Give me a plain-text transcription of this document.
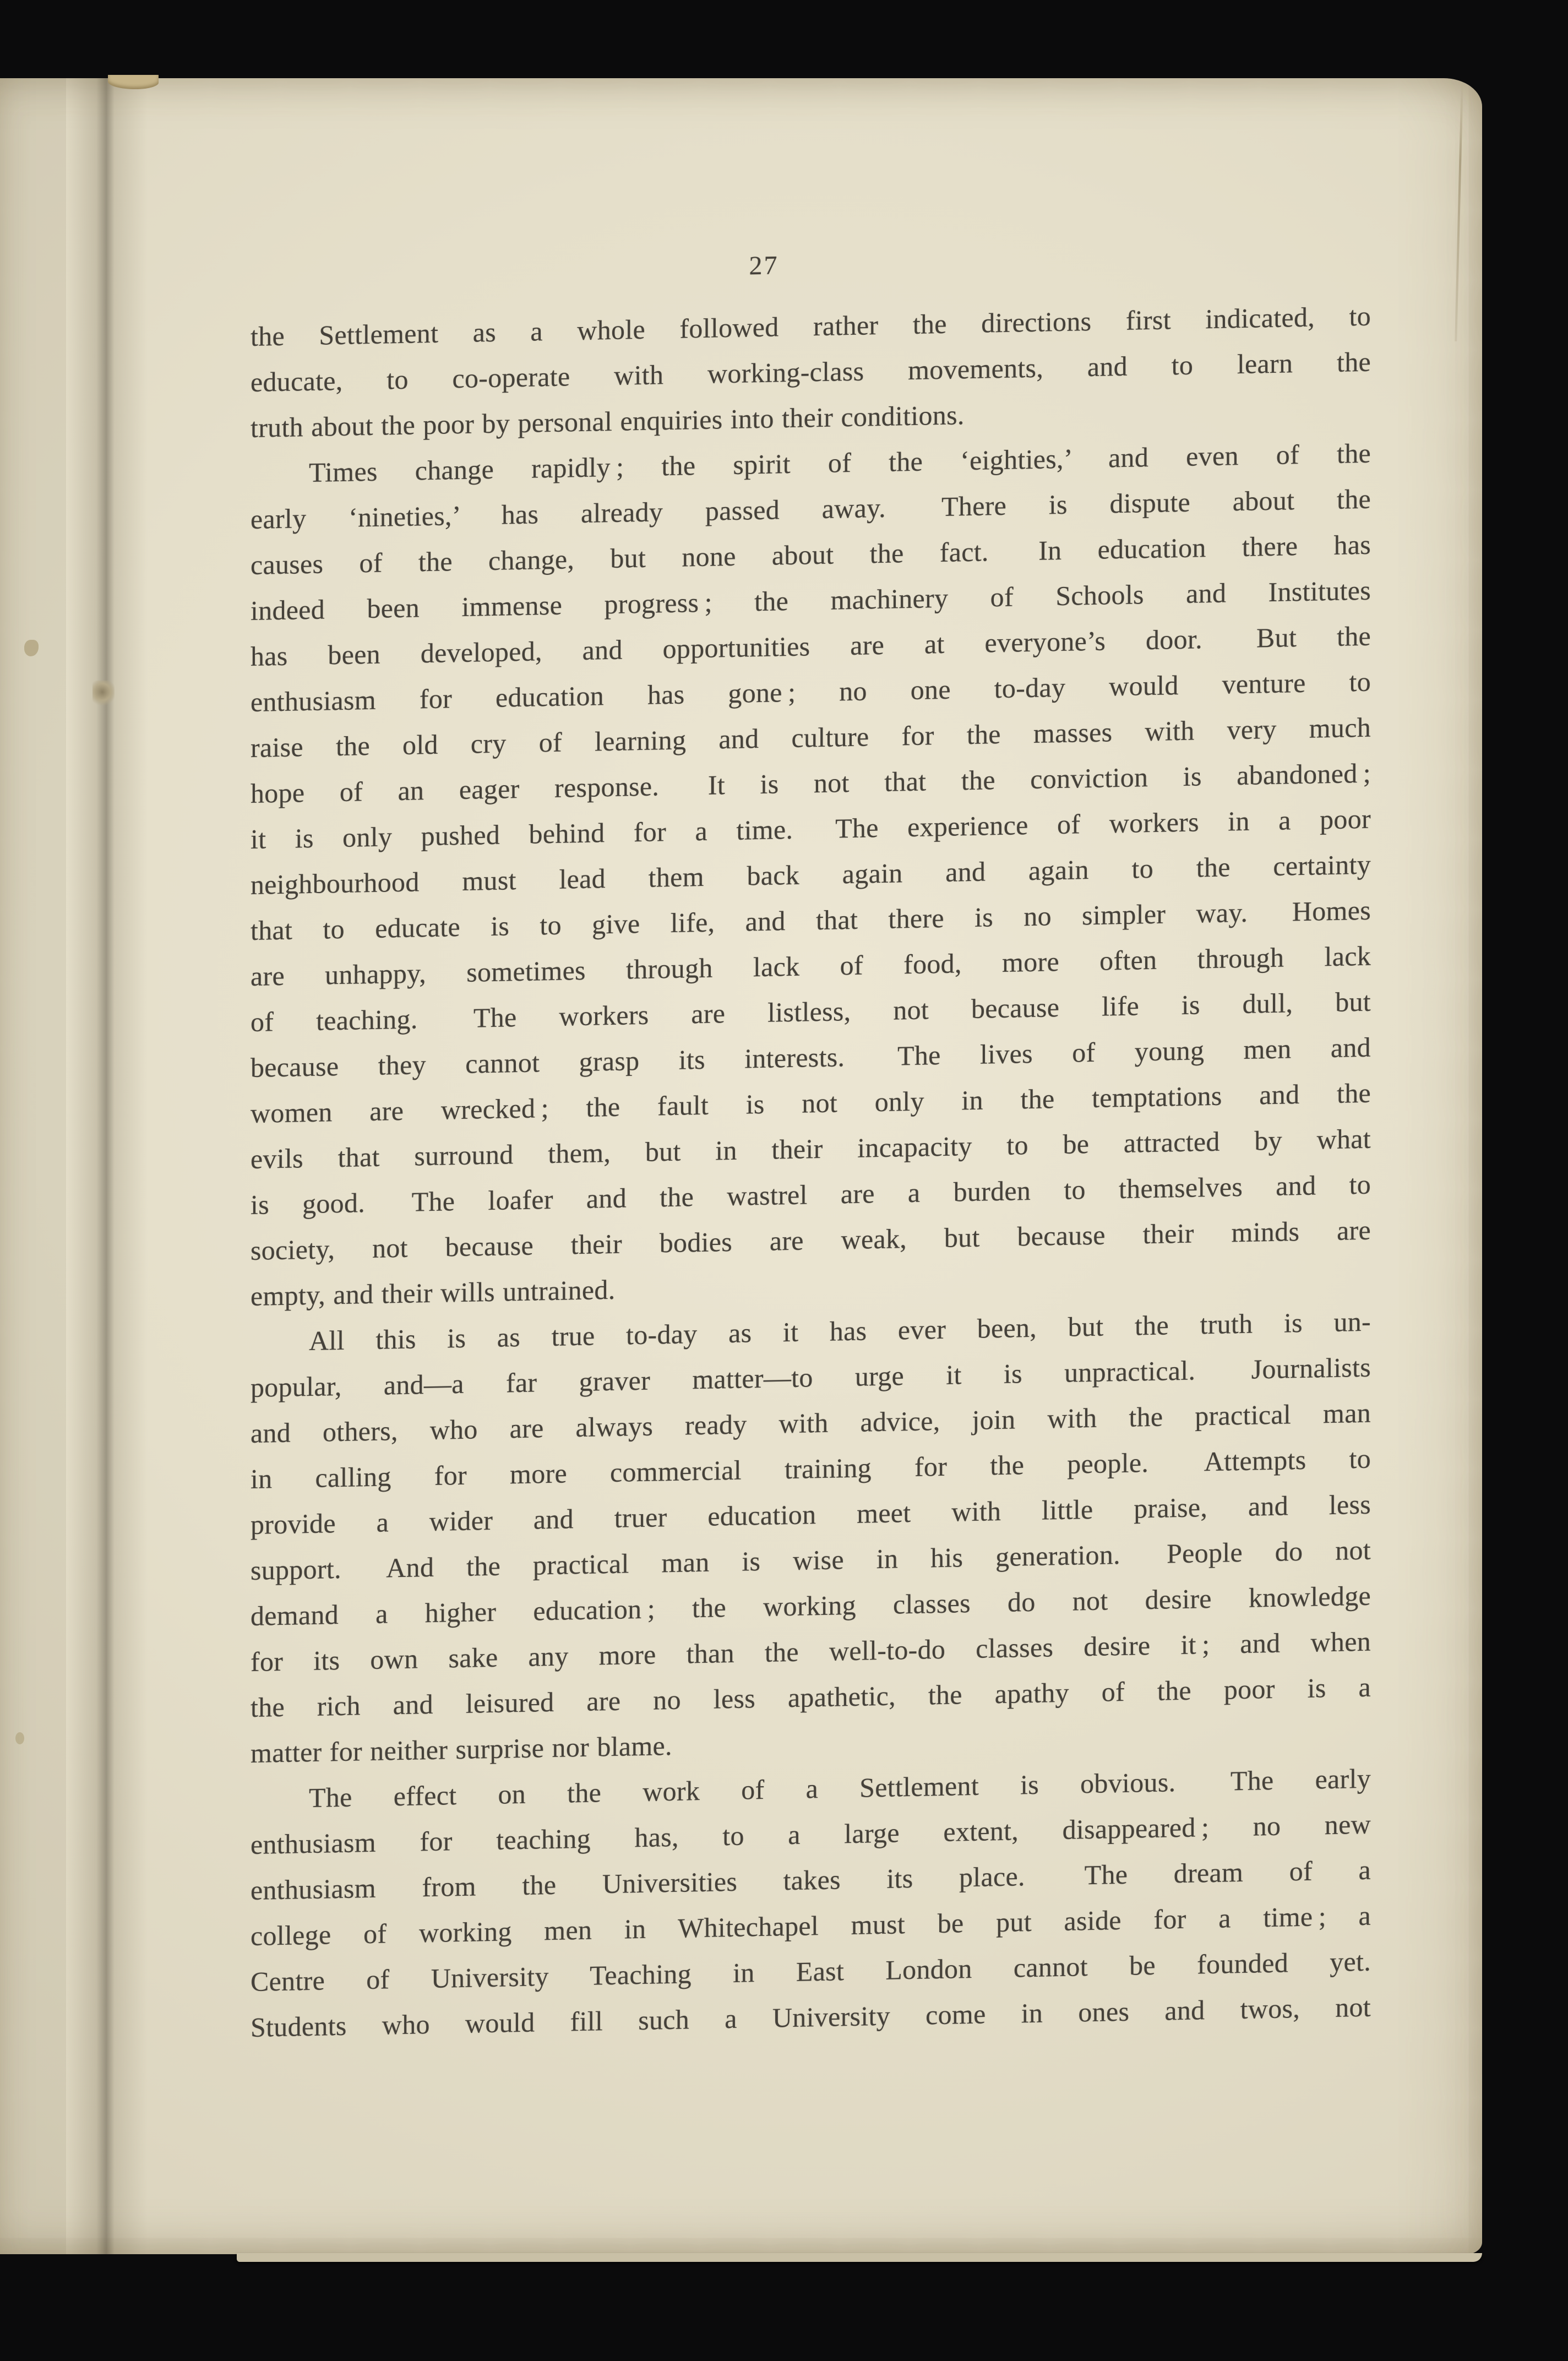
27
the Settlement as a whole followed rather the directions first indicated, to
educate, to co-operate with working-class movements, and to learn the
truth about the poor by personal enquiries into their conditions.
Times change rapidly ; the spirit of the ‘eighties,’ and even of the
early ‘nineties,’ has already passed away.  There is dispute about the
causes of the change, but none about the fact.  In education there has
indeed been immense progress ; the machinery of Schools and Institutes
has been developed, and opportunities are at everyone’s door.  But the
enthusiasm for education has gone ; no one to-day would venture to
raise the old cry of learning and culture for the masses with very much
hope of an eager response.  It is not that the conviction is abandoned ;
it is only pushed behind for a time.  The experience of workers in a poor
neighbourhood must lead them back again and again to the certainty
that to educate is to give life, and that there is no simpler way.  Homes
are unhappy, sometimes through lack of food, more often through lack
of teaching.  The workers are listless, not because life is dull, but
because they cannot grasp its interests.  The lives of young men and
women are wrecked ; the fault is not only in the temptations and the
evils that surround them, but in their incapacity to be attracted by what
is good.  The loafer and the wastrel are a burden to themselves and to
society, not because their bodies are weak, but because their minds are
empty, and their wills untrained.
All this is as true to-day as it has ever been, but the truth is un-
popular, and—a far graver matter—to urge it is unpractical.  Journalists
and others, who are always ready with advice, join with the practical man
in calling for more commercial training for the people.  Attempts to
provide a wider and truer education meet with little praise, and less
support.  And the practical man is wise in his generation.  People do not
demand a higher education ; the working classes do not desire knowledge
for its own sake any more than the well-to-do classes desire it ; and when
the rich and leisured are no less apathetic, the apathy of the poor is a
matter for neither surprise nor blame.
The effect on the work of a Settlement is obvious.  The early
enthusiasm for teaching has, to a large extent, disappeared ; no new
enthusiasm from the Universities takes its place.  The dream of a
college of working men in Whitechapel must be put aside for a time ; a
Centre of University Teaching in East London cannot be founded yet.
Students who would fill such a University come in ones and twos, not
